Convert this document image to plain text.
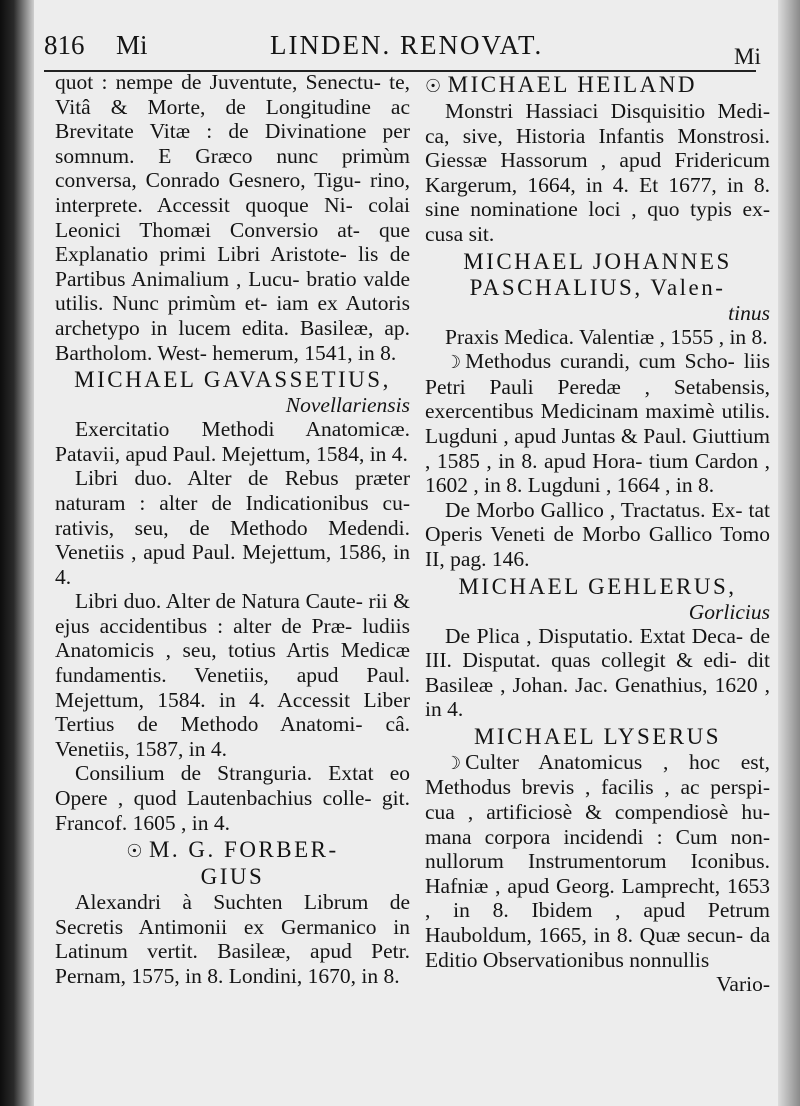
816 Mi	LINDEN. RENOVAT.	Mi

quot : nempe de Juventute, Senectu- te, Vitâ & Morte, de Longitudine ac Brevitate Vitæ : de Divinatione per somnum. E Græco nunc primùm conversa, Conrado Gesnero, Tigu- rino, interprete. Accessit quoque Ni- colai Leonici Thomæi Conversio at- que Explanatio primi Libri Aristote- lis de Partibus Animalium , Lucu- bratio valde utilis. Nunc primùm et- iam ex Autoris archetypo in lucem edita. Basileæ, ap. Bartholom. West- hemerum, 1541, in 8.

MICHAEL GAVASSETIUS,
Novellariensis

Exercitatio Methodi Anatomicæ. Patavii, apud Paul. Mejettum, 1584, in 4.

Libri duo. Alter de Rebus præter naturam : alter de Indicationibus cu- rativis, seu, de Methodo Medendi. Venetiis , apud Paul. Mejettum, 1586, in 4.

Libri duo. Alter de Natura Caute- rii & ejus accidentibus : alter de Præ- ludiis Anatomicis , seu, totius Artis Medicæ fundamentis. Venetiis, apud Paul. Mejettum, 1584. in 4. Accessit Liber Tertius de Methodo Anatomi- câ. Venetiis, 1587, in 4.

Consilium de Stranguria. Extat eo Opere , quod Lautenbachius colle- git. Francof. 1605 , in 4.

☉ M. G. FORBER-
GIUS

Alexandri à Suchten Librum de Secretis Antimonii ex Germanico in Latinum vertit. Basileæ, apud Petr. Pernam, 1575, in 8. Londini, 1670, in 8.

☉ MICHAEL HEILAND

Monstri Hassiaci Disquisitio Medi- ca, sive, Historia Infantis Monstrosi. Giessæ Hassorum , apud Fridericum Kargerum, 1664, in 4. Et 1677, in 8. sine nominatione loci , quo typis ex- cusa sit.

MICHAEL JOHANNES
PASCHALIUS, Valen-
tinus

Praxis Medica. Valentiæ , 1555 , in 8.

☽ Methodus curandi, cum Scho- liis Petri Pauli Peredæ , Setabensis, exercentibus Medicinam maximè utilis. Lugduni , apud Juntas & Paul. Giuttium , 1585 , in 8. apud Hora- tium Cardon , 1602 , in 8. Lugduni , 1664 , in 8.

De Morbo Gallico , Tractatus. Ex- tat Operis Veneti de Morbo Gallico Tomo II, pag. 146.

MICHAEL GEHLERUS,
Gorlicius

De Plica , Disputatio. Extat Deca- de III. Disputat. quas collegit & edi- dit Basileæ , Johan. Jac. Genathius, 1620 , in 4.

MICHAEL LYSERUS

☽ Culter Anatomicus , hoc est, Methodus brevis , facilis , ac perspi- cua , artificiosè & compendiosè hu- mana corpora incidendi : Cum non- nullorum Instrumentorum Iconibus. Hafniæ , apud Georg. Lamprecht, 1653 , in 8. Ibidem , apud Petrum Hauboldum, 1665, in 8. Quæ secun- da Editio Observationibus nonnullis

Vario-
